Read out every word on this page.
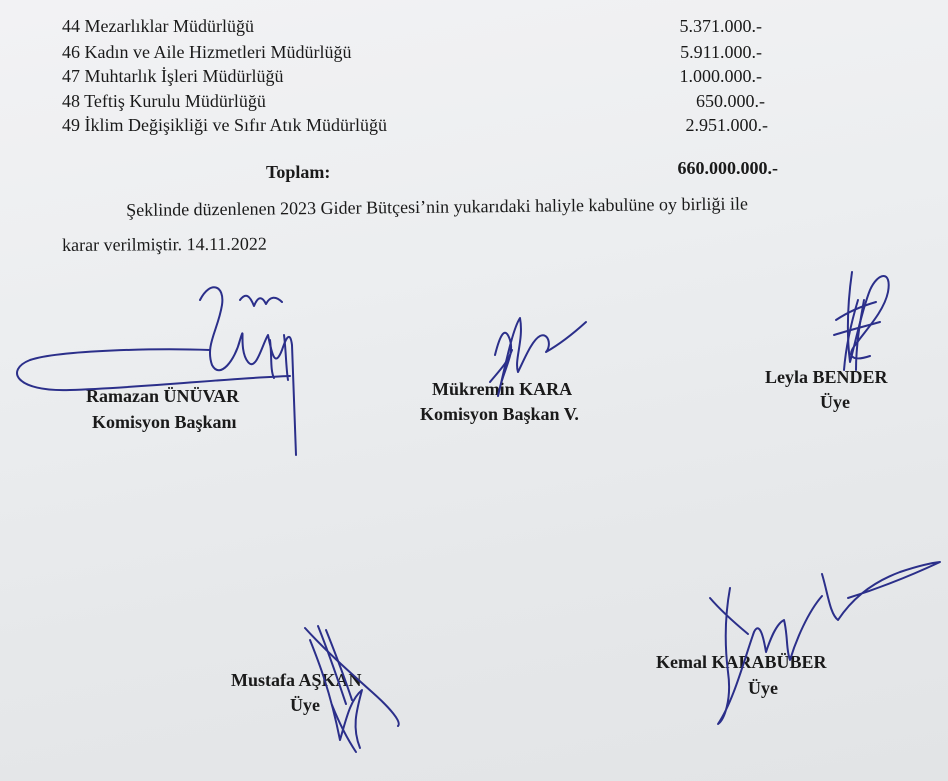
44 Mezarlıklar Müdürlüğü	5.371.000.-
46 Kadın ve Aile Hizmetleri Müdürlüğü	5.911.000.-
47 Muhtarlık İşleri Müdürlüğü	1.000.000.-
48 Teftiş Kurulu Müdürlüğü	650.000.-
49 İklim Değişikliği ve Sıfır Atık Müdürlüğü	2.951.000.-
Toplam:	660.000.000.-
Şeklinde düzenlenen 2023 Gider Bütçesi’nin yukarıdaki haliyle kabulüne oy birliği ile
karar verilmiştir. 14.11.2022
Ramazan ÜNÜVAR
Komisyon Başkanı
Mükremin KARA
Komisyon Başkan V.
Leyla BENDER
Üye
Mustafa AŞKAN
Üye
Kemal KARABÜBER
Üye
